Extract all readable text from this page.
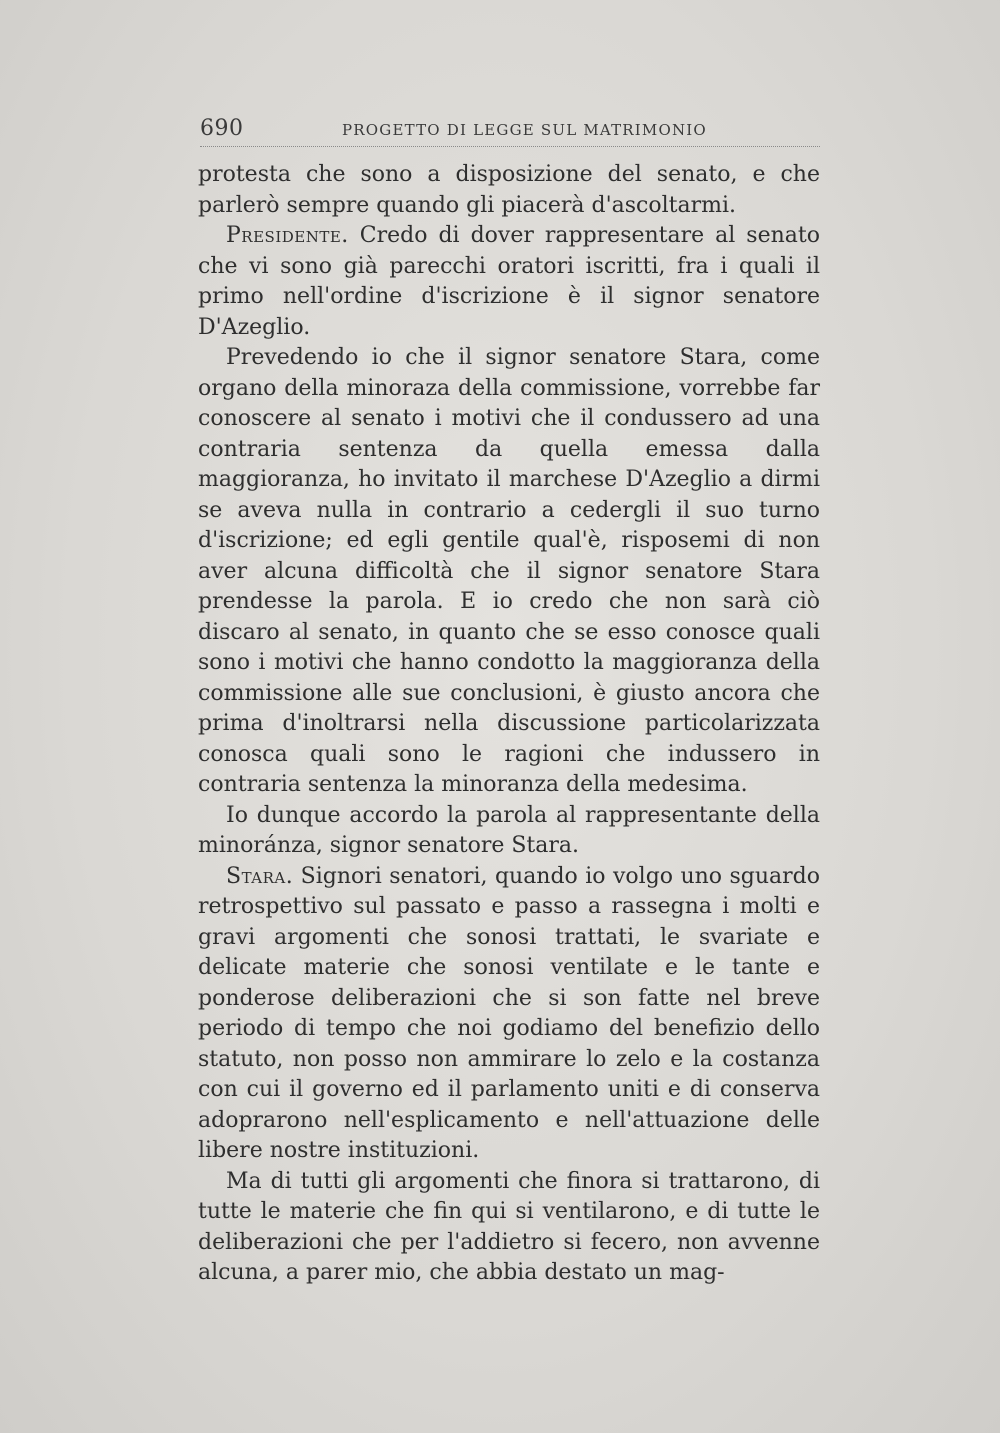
690	PROGETTO DI LEGGE SUL MATRIMONIO

protesta che sono a disposizione del senato, e che parlerò sempre quando gli piacerà d'ascoltarmi.

Presidente. Credo di dover rappresentare al senato che vi sono già parecchi oratori iscritti, fra i quali il primo nell'ordine d'iscrizione è il signor senatore D'Azeglio.

Prevedendo io che il signor senatore Stara, come organo della minoraza della commissione, vorrebbe far conoscere al senato i motivi che il condussero ad una contraria sentenza da quella emessa dalla maggioranza, ho invitato il marchese D'Azeglio a dirmi se aveva nulla in contrario a cedergli il suo turno d'iscrizione; ed egli gentile qual'è, risposemi di non aver alcuna difficoltà che il signor senatore Stara prendesse la parola. E io credo che non sarà ciò discaro al senato, in quanto che se esso conosce quali sono i motivi che hanno condotto la maggioranza della commissione alle sue conclusioni, è giusto ancora che prima d'inoltrarsi nella discussione particolarizzata conosca quali sono le ragioni che indussero in contraria sentenza la minoranza della medesima.

Io dunque accordo la parola al rappresentante della minoránza, signor senatore Stara.

Stara. Signori senatori, quando io volgo uno sguardo retrospettivo sul passato e passo a rassegna i molti e gravi argomenti che sonosi trattati, le svariate e delicate materie che sonosi ventilate e le tante e ponderose deliberazioni che si son fatte nel breve periodo di tempo che noi godiamo del benefizio dello statuto, non posso non ammirare lo zelo e la costanza con cui il governo ed il parlamento uniti e di conserva adoprarono nell'esplicamento e nell'attuazione delle libere nostre instituzioni.

Ma di tutti gli argomenti che finora si trattarono, di tutte le materie che fin qui si ventilarono, e di tutte le deliberazioni che per l'addietro si fecero, non avvenne alcuna, a parer mio, che abbia destato un mag-
